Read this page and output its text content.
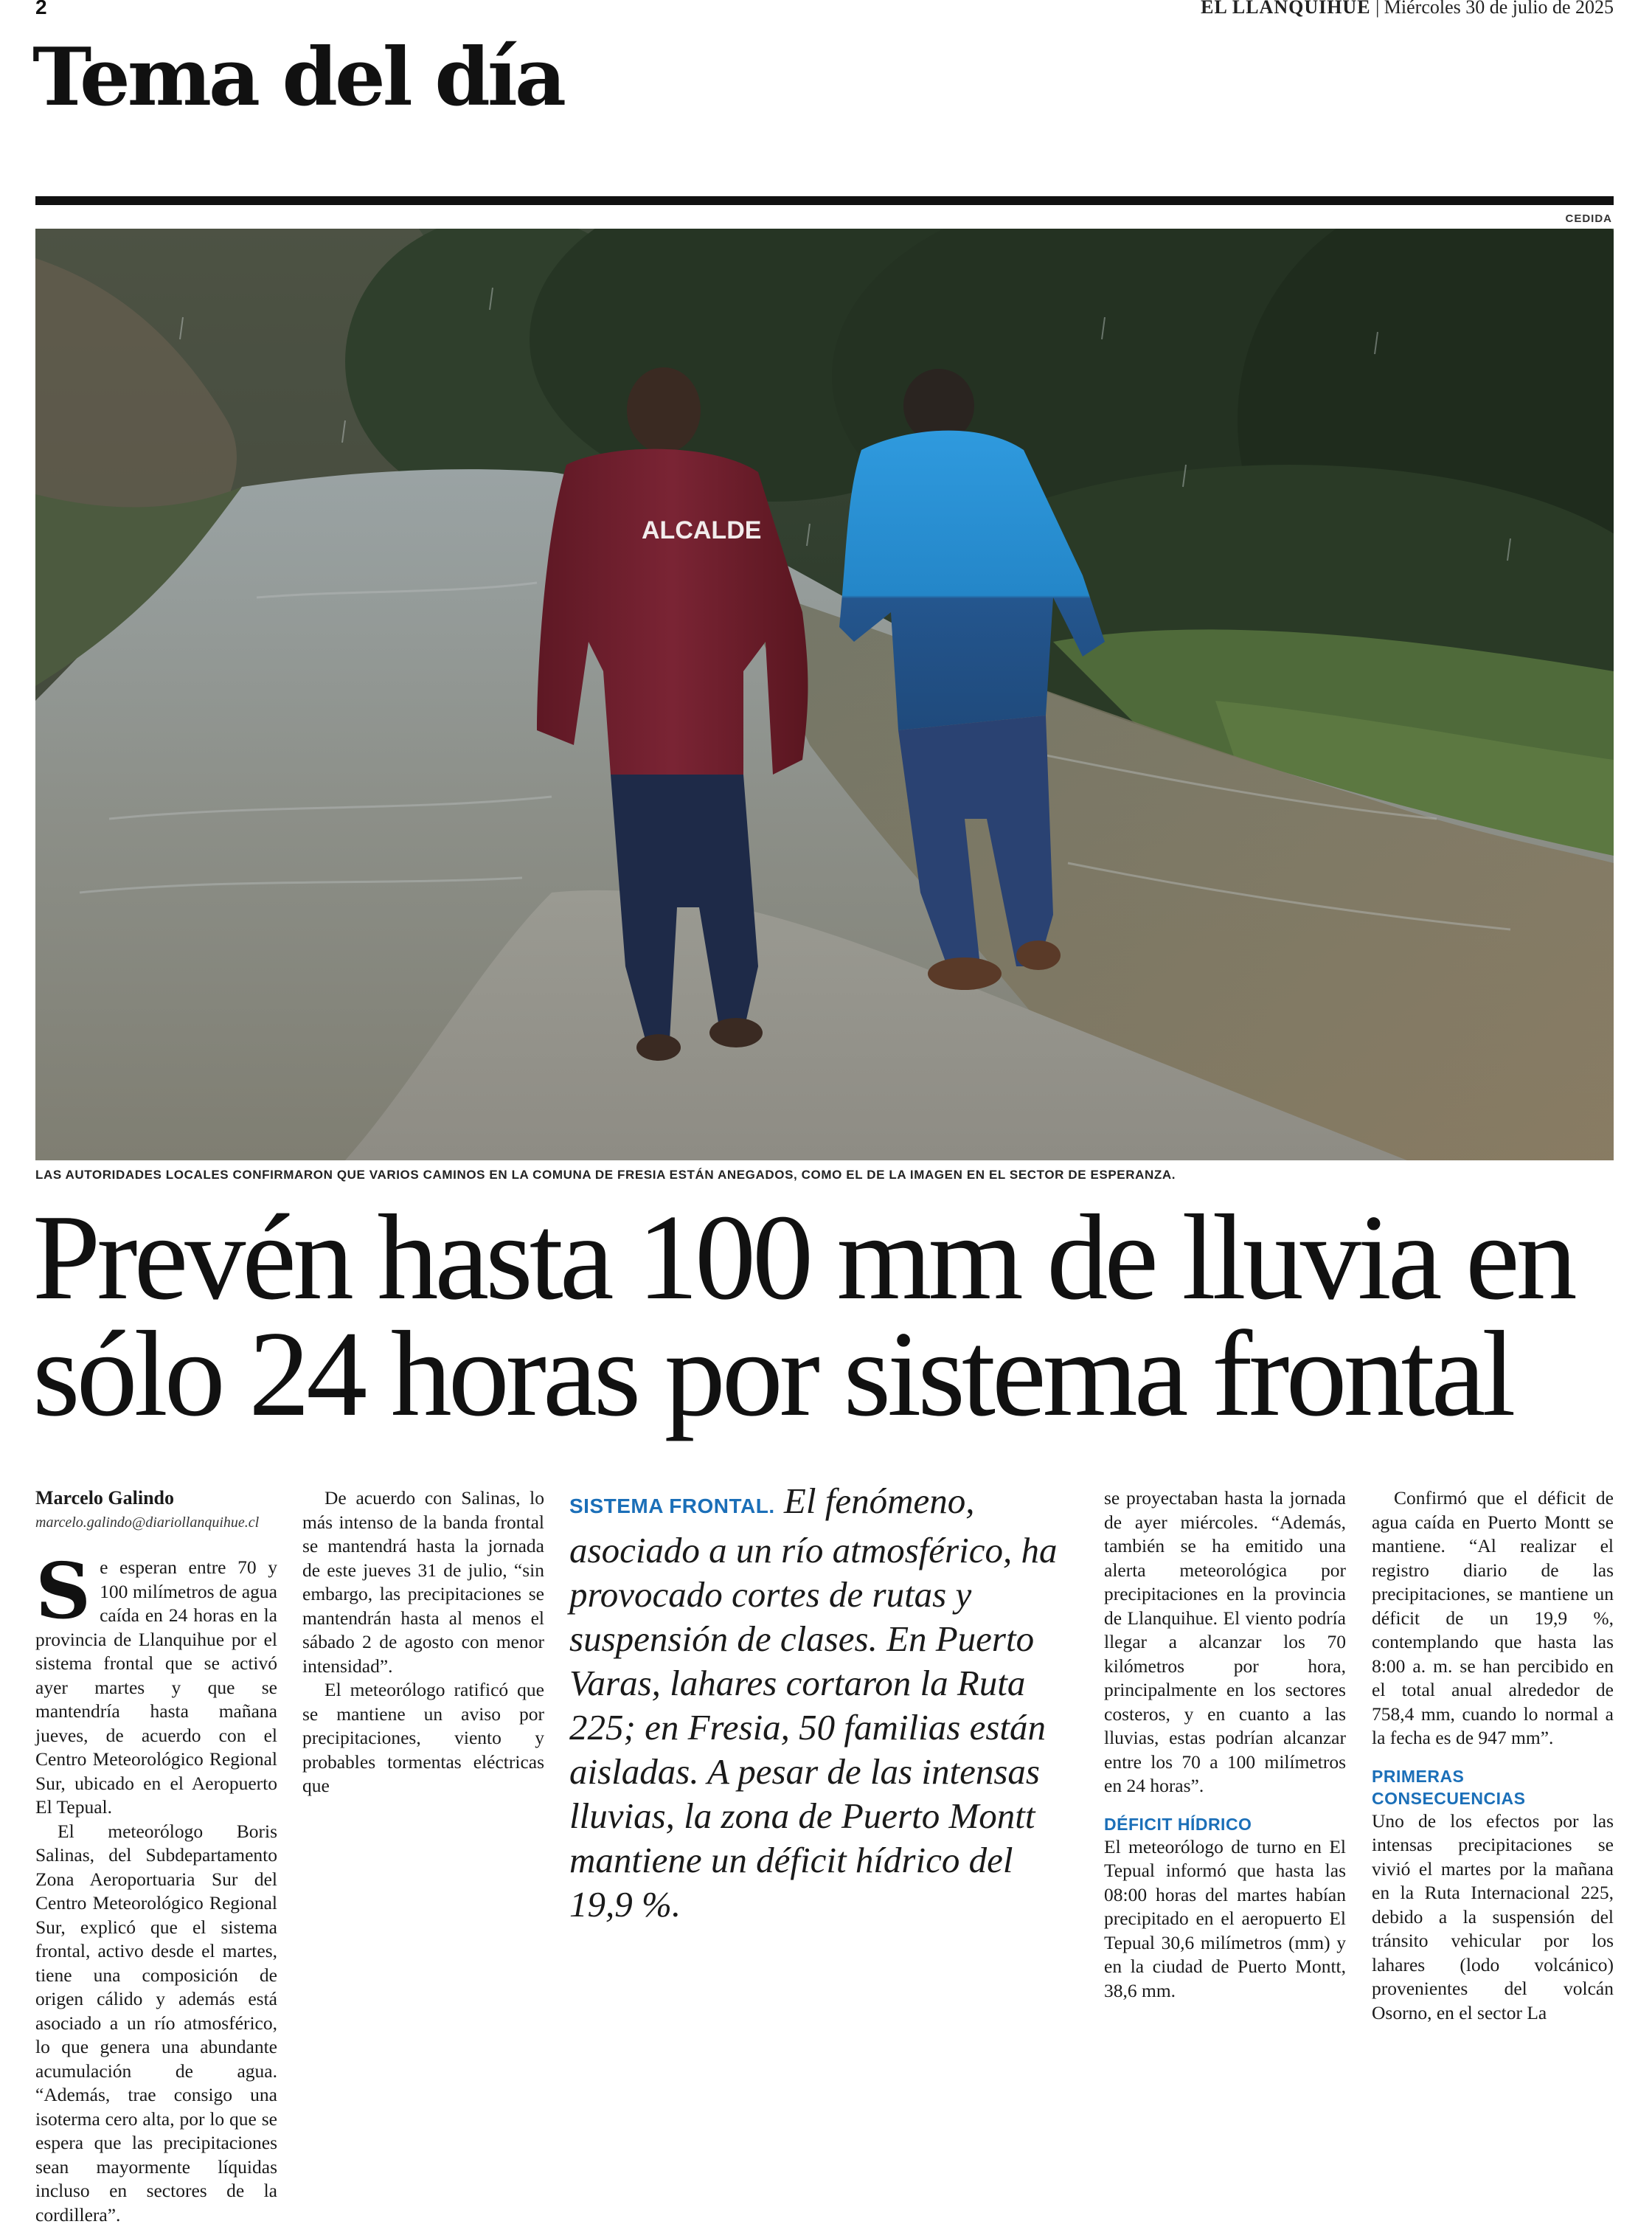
2	EL LLANQUIHUE | Miércoles 30 de julio de 2025
Tema del día
CEDIDA
ALCALDE
LAS AUTORIDADES LOCALES CONFIRMARON QUE VARIOS CAMINOS EN LA COMUNA DE FRESIA ESTÁN ANEGADOS, COMO EL DE LA IMAGEN EN EL SECTOR DE ESPERANZA.
Prevén hasta 100 mm de lluvia en
sólo 24 horas por sistema frontal
Marcelo Galindo
marcelo.galindo@diariollanquihue.cl

Se esperan entre 70 y 100 milímetros de agua caída en 24 horas en la provincia de Llanquihue por el sistema frontal que se activó ayer martes y que se mantendría hasta mañana jueves, de acuerdo con el Centro Meteorológico Regional Sur, ubicado en el Aeropuerto El Tepual.

El meteorólogo Boris Salinas, del Subdepartamento Zona Aeroportuaria Sur del Centro Meteorológico Regional Sur, explicó que el sistema frontal, activo desde el martes, tiene una composición de origen cálido y además está asociado a un río atmosférico, lo que genera una abundante acumulación de agua. “Además, trae consigo una isoterma cero alta, por lo que se espera que las precipitaciones sean mayormente líquidas incluso en sectores de la cordillera”.

De acuerdo con Salinas, lo más intenso de la banda frontal se mantendrá hasta la jornada de este jueves 31 de julio, “sin embargo, las precipitaciones se mantendrán hasta al menos el sábado 2 de agosto con menor intensidad”.

El meteorólogo ratificó que se mantiene un aviso por precipitaciones, viento y probables tormentas eléctricas que

SISTEMA FRONTAL. El fenómeno, asociado a un río atmosférico, ha provocado cortes de rutas y suspensión de clases. En Puerto Varas, lahares cortaron la Ruta 225; en Fresia, 50 familias están aisladas. A pesar de las intensas lluvias, la zona de Puerto Montt mantiene un déficit hídrico del 19,9 %.

se proyectaban hasta la jornada de ayer miércoles. “Además, también se ha emitido una alerta meteorológica por precipitaciones en la provincia de Llanquihue. El viento podría llegar a alcanzar los 70 kilómetros por hora, principalmente en los sectores costeros, y en cuanto a las lluvias, estas podrían alcanzar entre los 70 a 100 milímetros en 24 horas”.

DÉFICIT HÍDRICO

El meteorólogo de turno en El Tepual informó que hasta las 08:00 horas del martes habían precipitado en el aeropuerto El Tepual 30,6 milímetros (mm) y en la ciudad de Puerto Montt, 38,6 mm.

Confirmó que el déficit de agua caída en Puerto Montt se mantiene. “Al realizar el registro diario de las precipitaciones, se mantiene un déficit de un 19,9 %, contemplando que hasta las 8:00 a. m. se han percibido en el total anual alrededor de 758,4 mm, cuando lo normal a la fecha es de 947 mm”.

PRIMERAS CONSECUENCIAS

Uno de los efectos por las intensas precipitaciones se vivió el martes por la mañana en la Ruta Internacional 225, debido a la suspensión del tránsito vehicular por los lahares (lodo volcánico) provenientes del volcán Osorno, en el sector La
